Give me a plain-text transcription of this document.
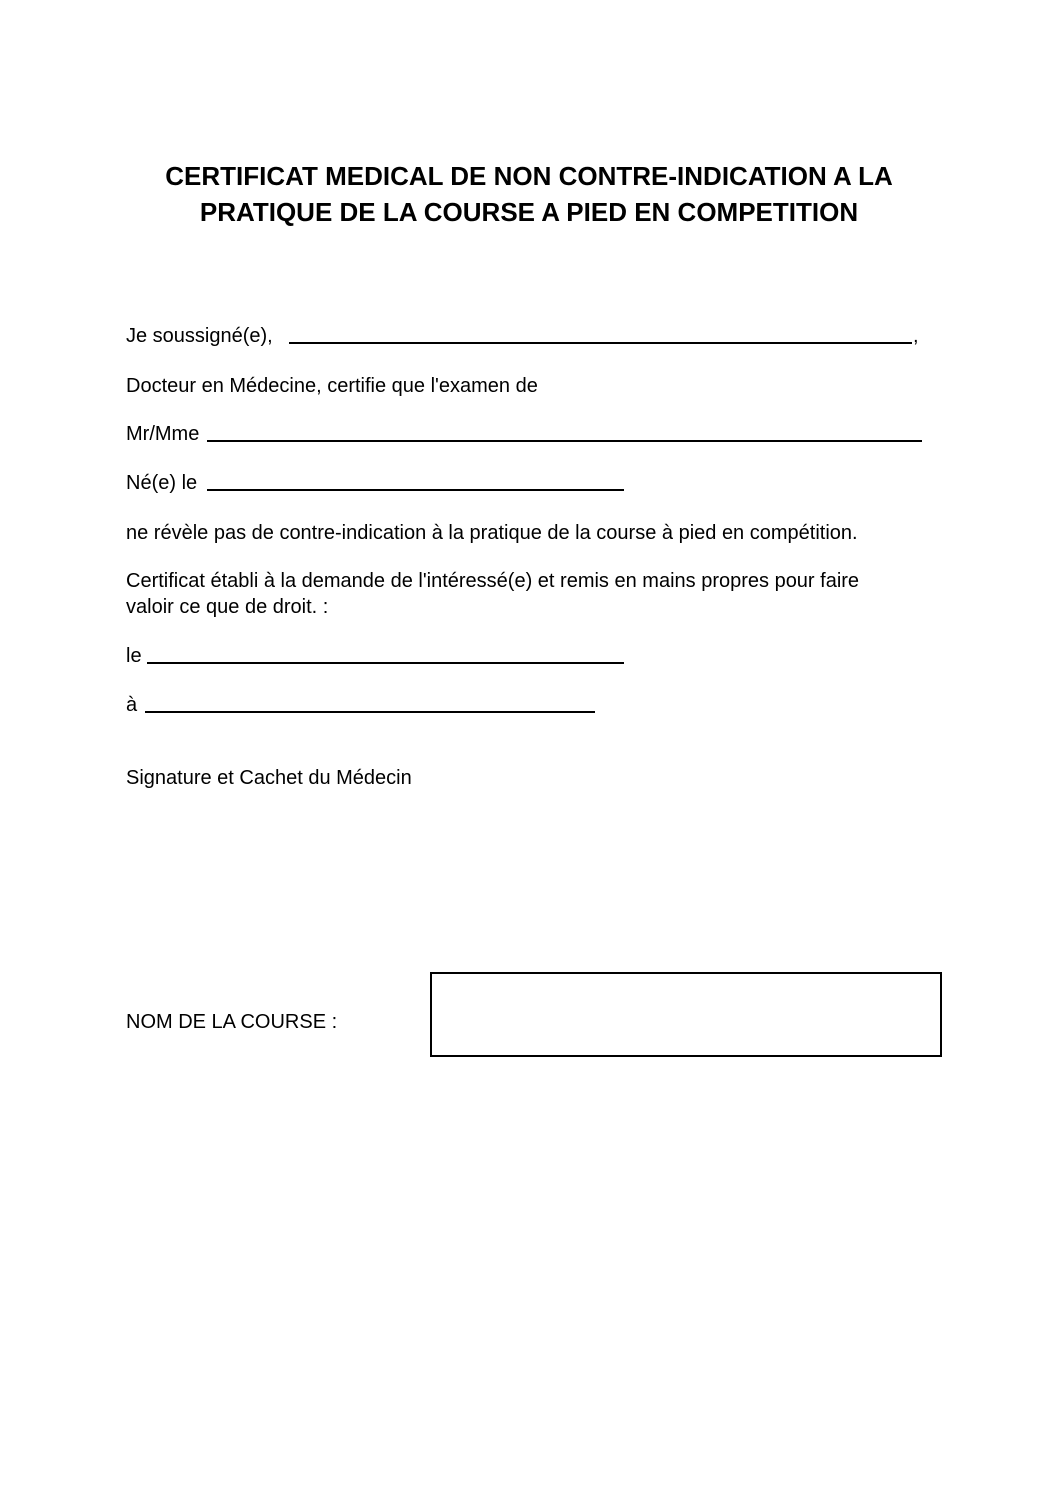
CERTIFICAT MEDICAL DE NON CONTRE-INDICATION A LA
PRATIQUE DE LA COURSE A PIED EN COMPETITION
Je soussigné(e),	,
Docteur en Médecine, certifie que l'examen de
Mr/Mme
Né(e) le
ne révèle pas de contre-indication à la pratique de la course à pied en compétition.
Certificat établi à la demande de l'intéressé(e) et remis en mains propres pour faire
valoir ce que de droit. :
le
à
Signature et Cachet du Médecin
NOM DE LA COURSE :
